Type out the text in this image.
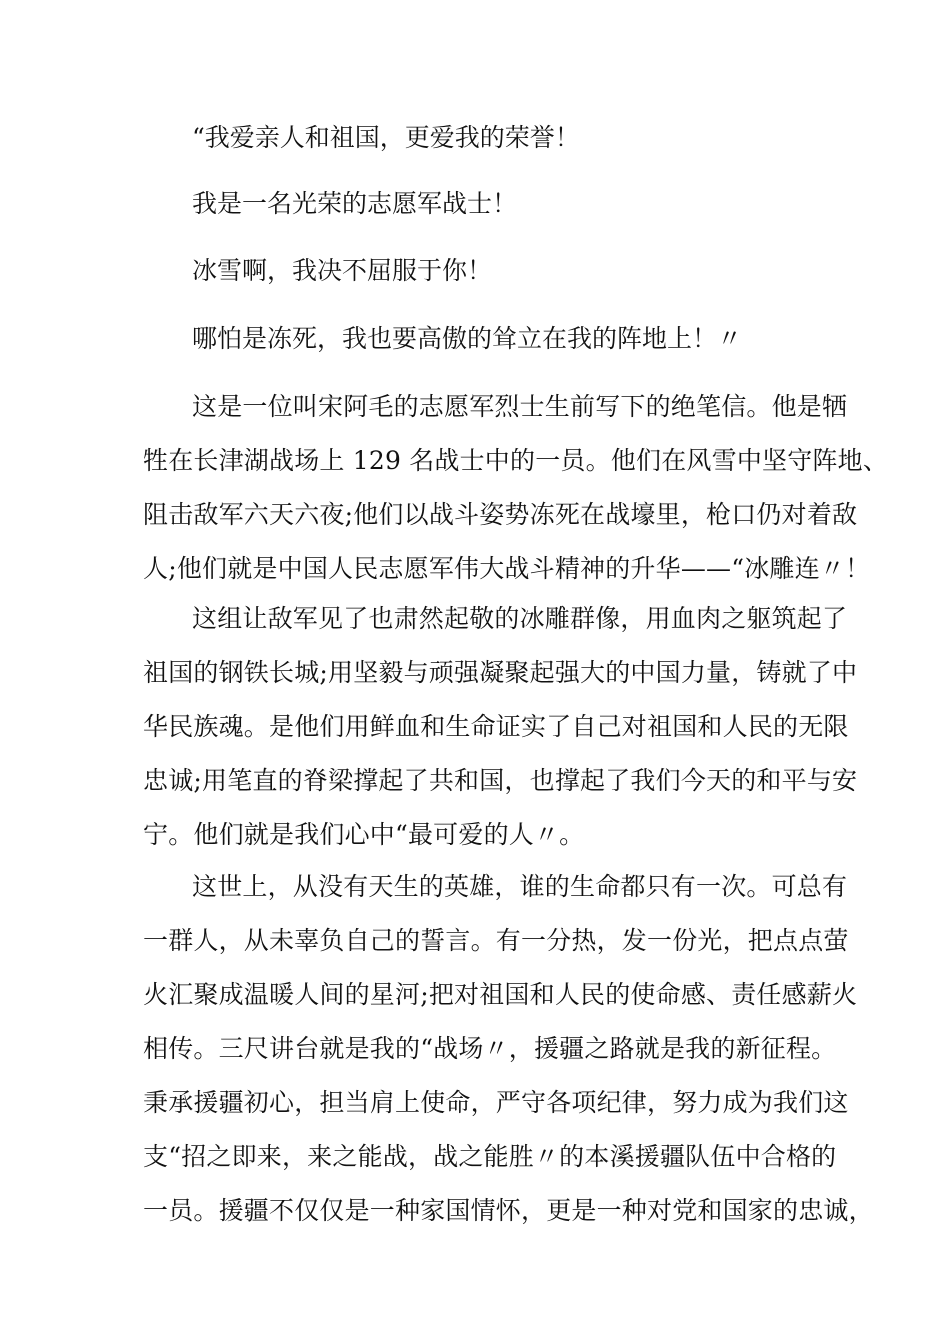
“我爱亲人和祖国，更爱我的荣誉！
我是一名光荣的志愿军战士！
冰雪啊，我决不屈服于你！
哪怕是冻死，我也要高傲的耸立在我的阵地上！〃
这是一位叫宋阿毛的志愿军烈士生前写下的绝笔信。他是牺
牲在长津湖战场上 129 名战士中的一员。他们在风雪中坚守阵地、
阻击敌军六天六夜;他们以战斗姿势冻死在战壕里，枪口仍对着敌
人;他们就是中国人民志愿军伟大战斗精神的升华——“冰雕连〃！
这组让敌军见了也肃然起敬的冰雕群像，用血肉之躯筑起了
祖国的钢铁长城;用坚毅与顽强凝聚起强大的中国力量，铸就了中
华民族魂。是他们用鲜血和生命证实了自己对祖国和人民的无限
忠诚;用笔直的脊梁撑起了共和国，也撑起了我们今天的和平与安
宁。他们就是我们心中“最可爱的人〃。
这世上，从没有天生的英雄，谁的生命都只有一次。可总有
一群人，从未辜负自己的誓言。有一分热，发一份光，把点点萤
火汇聚成温暖人间的星河;把对祖国和人民的使命感、责任感薪火
相传。三尺讲台就是我的“战场〃，援疆之路就是我的新征程。
秉承援疆初心，担当肩上使命，严守各项纪律，努力成为我们这
支“招之即来，来之能战，战之能胜〃的本溪援疆队伍中合格的
一员。援疆不仅仅是一种家国情怀，更是一种对党和国家的忠诚，
